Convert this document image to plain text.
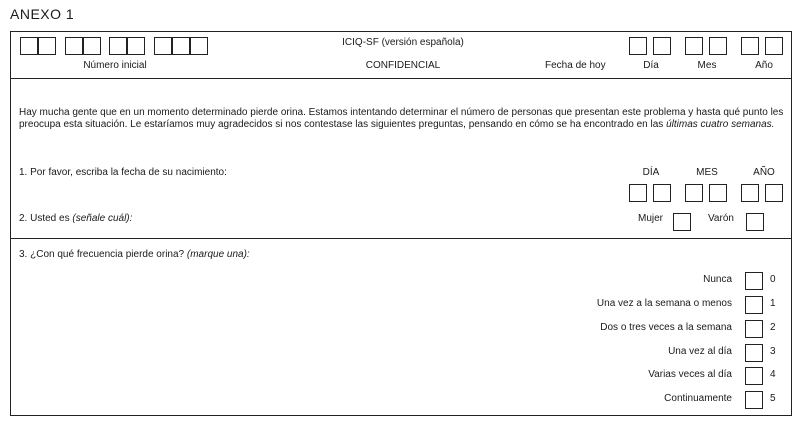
ANEXO 1
Número inicial
ICIQ-SF (versión española)
CONFIDENCIAL	Fecha de hoy	Día	Mes	Año
Hay mucha gente que en un momento determinado pierde orina. Estamos intentando determinar el número de personas que presentan este problema y hasta qué punto les preocupa esta situación. Le estaríamos muy agradecidos si nos contestase las siguientes preguntas, pensando en cómo se ha encontrado en las últimas cuatro semanas.
1. Por favor, escriba la fecha de su nacimiento:	DÍA	MES	AÑO
2. Usted es (señale cuál):	Mujer	Varón
3. ¿Con qué frecuencia pierde orina? (marque una):
Nunca	0
Una vez a la semana o menos	1
Dos o tres veces a la semana	2
Una vez al día	3
Varias veces al día	4
Continuamente	5
